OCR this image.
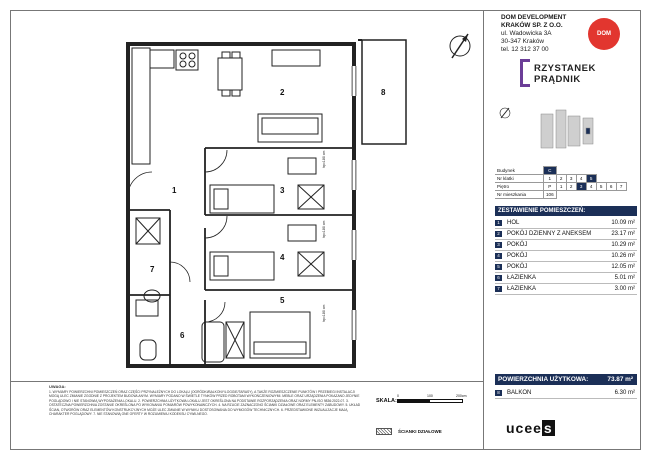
1
2
3
4
5
6
7
8
hp=180 cm
hp=180 cm
hp=180 cm
DOM DEVELOPMENT
KRAKÓW SP. Z O.O.
ul. Wadowicka 3A
30-347 Kraków
tel. 12 312 37 00
DOM
RZYSTANEK
PRĄDNIK
Budynek	C							
Nr klatki	1	2	3	4	5			
Piętro	P	1	2	3	4	5	6	7
Nr mieszkania	106							
ZESTAWIENIE POMIESZCZEŃ:
1	HOL	10.09 m²
2	POKÓJ DZIENNY Z ANEKSEM	23.17 m²
3	POKÓJ	10.29 m²
4	POKÓJ	10.26 m²
5	POKÓJ	12.05 m²
6	ŁAZIENKA	5.01 m²
7	ŁAZIENKA	3.00 m²
POWIERZCHNIA UŻYTKOWA:	73.87 m²
8	BALKON	6.30 m²
UWAGA:
1. WYMIARY POWIERZCHNI POMIESZCZEŃ ORAZ CZĘŚCI PRZYNALEŻNYCH DO LOKALU (OGRÓDKI/BALKONY/LOGGIE/TARASY), A TAKŻE ROZMIESZCZENIE PUNKTÓW I PRZEBIEGI INSTALACJI MOGĄ ULEC ZMIANIE ZGODNIE Z PROJEKTEM BUDOWLANYM. WYMIARY PODANO W ŚWIETLE TYNKÓW PRZED ROBOTAMI WYKOŃCZENIOWYMI. MEBLE ORAZ URZĄDZENIA POKAZANO JEDYNIE POGLĄDOWO I NIE STANOWIĄ WYPOSAŻENIA LOKALU. 2. POWIERZCHNIA UŻYTKOWA LOKALU JEST OKREŚLONA NA PODSTAWIE ROZPORZĄDZENIA ORAZ NORMY PN-ISO 9836:2022-07. 3. OSTATECZNA POWIERZCHNIA ZOSTANIE OKREŚLONA PO WYKONANIU POMIARÓW POWYKONAWCZYCH. 4. NA RZUCIE ZAZNACZONO ŚCIANKI DZIAŁOWE ORAZ ELEMENTY ZABUDOWY. 5. UKŁAD ŚCIAN, OTWORÓW ORAZ ELEMENTÓW KONSTRUKCYJNYCH MOŻE ULEC ZMIANIE W WYNIKU DOSTOSOWANIA DO WYMOGÓW TECHNICZNYCH. 6. PRZEDSTAWIONE WIZUALIZACJE MAJĄ CHARAKTER POGLĄDOWY. 7. NIE STANOWIĄ ONE OFERTY W ROZUMIENIU KODEKSU CYWILNEGO.
SKALA:
0	100	200cm
ŚCIANKI DZIAŁOWE	ucee s
